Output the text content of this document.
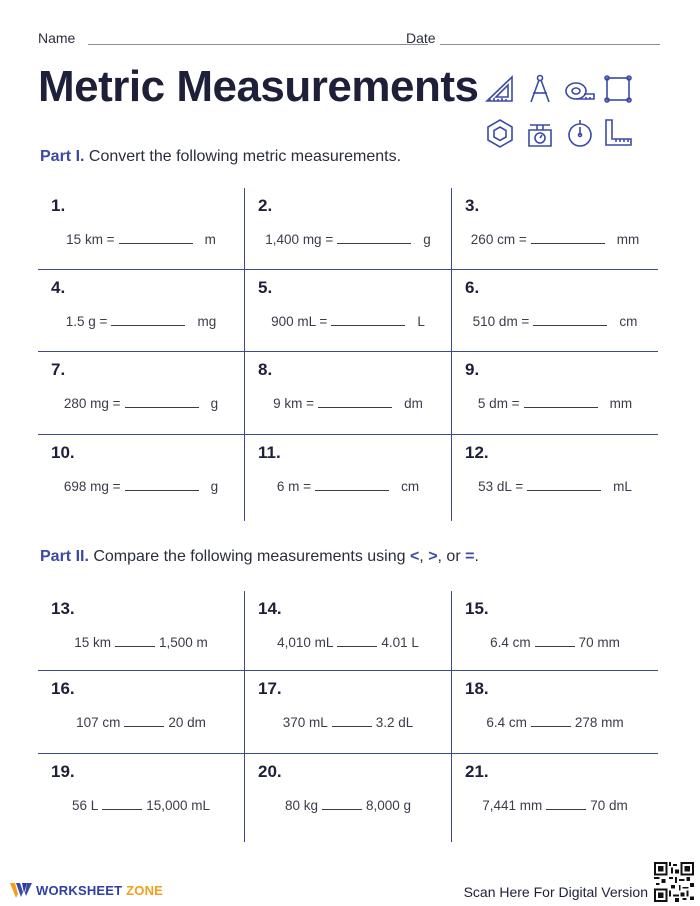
Name	Date
Metric Measurements
Part I. Convert the following metric measurements.
1.
15 km =	m
2.
1,400 mg =	g
3.
260 cm =	mm
4.
1.5 g =	mg
5.
900 mL =	L
6.
510 dm =	cm
7.
280 mg =	g
8.
9 km =	dm
9.
5 dm =	mm
10.
698 mg =	g
11.
6 m =	cm
12.
53 dL =	mL
Part II. Compare the following measurements using <, >, or =.
13.
15 km	1,500 m
14.
4,010 mL	4.01 L
15.
6.4 cm	70 mm
16.
107 cm	20 dm
17.
370 mL	3.2 dL
18.
6.4 cm	278 mm
19.
56 L	15,000 mL
20.
80 kg	8,000 g
21.
7,441 mm	70 dm
WORKSHEET ZONE	Scan Here For Digital Version
